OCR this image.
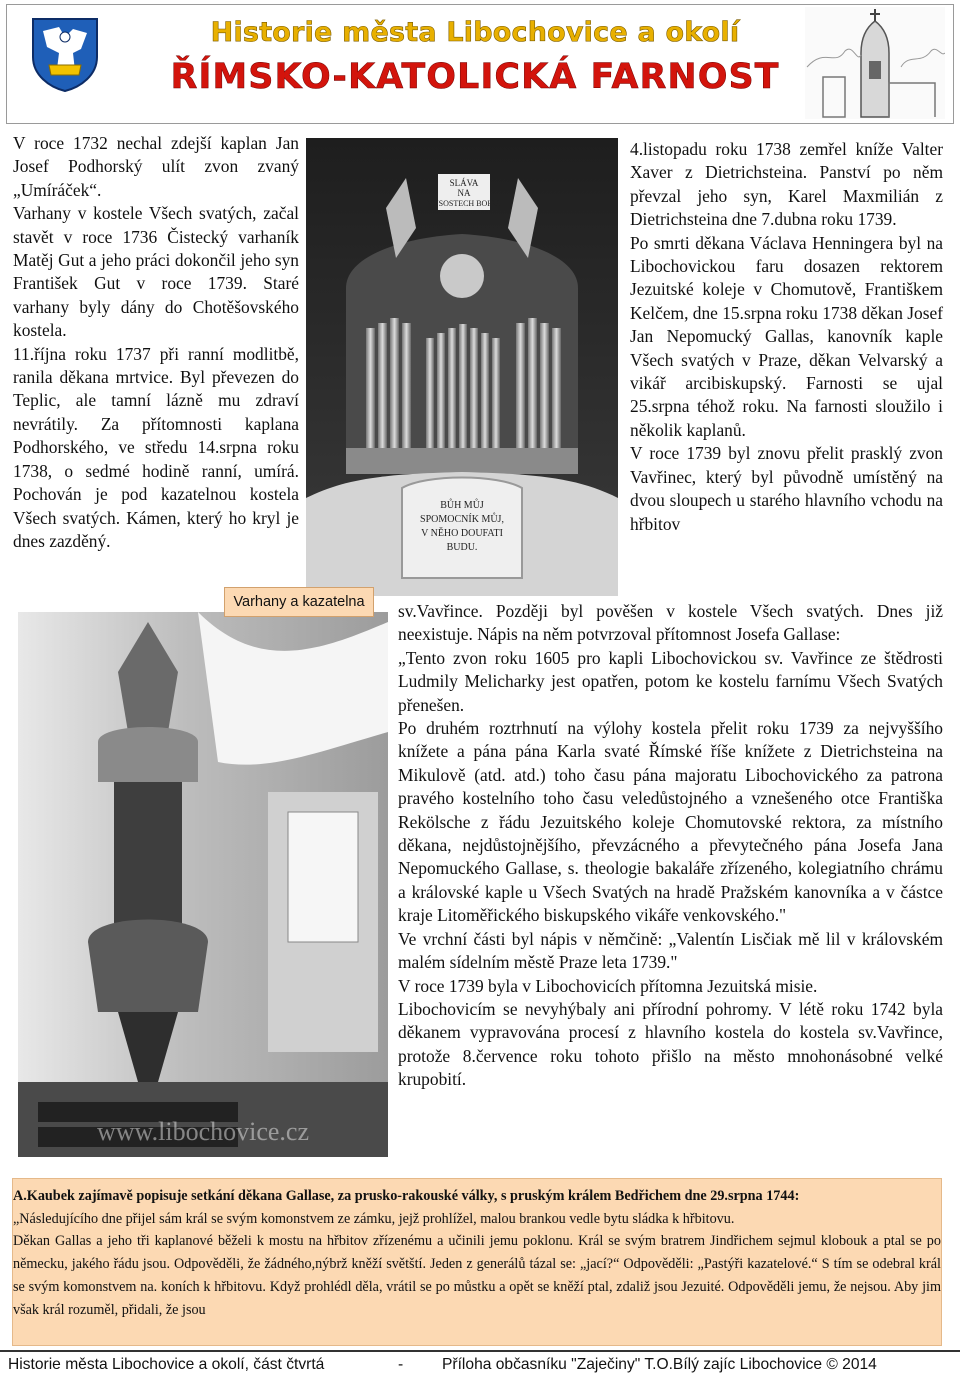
Historie města Libochovice a okolí
ŘÍMSKO-KATOLICKÁ FARNOST

V roce 1732 nechal zdejší kaplan Jan Josef Podhorský ulít zvon zvaný „Umíráček“.

Varhany v kostele Všech svatých, začal stavět v roce 1736 Čistecký varhaník Matěj Gut a jeho práci dokončil jeho syn František Gut v roce 1739. Staré varhany byly dány do Chotěšovského kostela.

11.října roku 1737 při ranní modlitbě, ranila děkana mrtvice. Byl převezen do Teplic, ale tamní lázně mu zdraví nevrátily. Za přítomnosti kaplana Podhorského, ve středu 14.srpna roku 1738, o sedmé hodině ranní, umírá. Pochován je pod kazatelnou kostela Všech svatých. Kámen, který ho kryl je dnes zazděný.

SLÁVA
NA
VYSOSTECH BOHU.
BŮH MŮJ
SPOMOCNÍK MŮJ,
V NĚHO DOUFATI
BUDU.

4.listopadu roku 1738 zemřel kníže Valter Xaver z Dietrichsteina. Panství po něm převzal jeho syn, Karel Maxmilián z Dietrichsteina dne 7.dubna roku 1739.

Po smrti děkana Václava Henningera byl na Libochovickou faru dosazen rektorem Jezuitské koleje v Chomutově, Františkem Kelčem, dne 15.srpna roku 1738 děkan Josef Jan Nepomucký Gallas, kanovník kaple Všech svatých v Praze, děkan Velvarský a vikář arcibiskupský. Farnosti se ujal 25.srpna téhož roku. Na farnosti sloužilo i několik kaplanů.

V roce 1739 byl znovu přelit prasklý zvon Vavřinec, který byl původně umístěný na dvou sloupech u starého hlavního vchodu na hřbitov

www.libochovice.cz
Varhany a kazatelna	sv.Vavřince. Později byl pověšen v kostele Všech svatých. Dnes již neexistuje. Nápis na něm potvrzoval přítomnost Josefa Gallase:

„Tento zvon roku 1605 pro kapli Libochovickou sv. Vavřince ze štědrosti Ludmily Melicharky jest opatřen, potom ke kostelu farnímu Všech Svatých přenešen.

Po druhém roztrhnutí na výlohy kostela přelit roku 1739 za nejvyššího knížete a pána pána Karla svaté Římské říše knížete z Dietrichsteina na Mikulově (atd. atd.) toho času pána majoratu Libochovického za patrona pravého kostelního toho času veledůstojného a vznešeného otce Františka Rekölsche z řádu Jezuitského koleje Chomutovské rektora, za místního děkana, nejdůstojnějšího, převzácného a převytečného pána Josefa Jana Nepomuckého Gallase, s. theologie bakaláře zřízeného, kolegiatního chrámu a královské kaple u Všech Svatých na hradě Pražském kanovníka a v částce kraje Litoměřického biskupského vikáře venkovského."

Ve vrchní části byl nápis v němčině: „Valentín Lisčiak mě lil v královském malém sídelním městě Praze leta 1739."

V roce 1739 byla v Libochovicích přítomna Jezuitská misie.

Libochovicím se nevyhýbaly ani přírodní pohromy. V létě roku 1742 byla děkanem vypravována procesí z hlavního kostela do kostela sv.Vavřince, protože 8.července roku tohoto přišlo na město mnohonásobné velké krupobití.

A.Kaubek zajímavě popisuje setkání děkana Gallase, za prusko-rakouské války, s pruským králem Bedřichem dne 29.srpna 1744:

„Následujícího dne přijel sám král se svým komonstvem ze zámku, jejž prohlížel, malou brankou vedle bytu sládka k hřbitovu.

Děkan Gallas a jeho tři kaplanové běželi k mostu na hřbitov zřízenému a učinili jemu poklonu. Král se svým bratrem Jindřichem sejmul klobouk a ptal se po německu, jakého řádu jsou. Odpověděli, že žádného,nýbrž kněží světští. Jeden z generálů tázal se: „jací?“ Odpověděli: „Pastýři kazatelové.“ S tím se odebral král se svým komonstvem na. koních k hřbitovu. Když prohlédl děla, vrátil se po můstku a opět se kněží ptal, zdaliž jsou Jezuité. Odpověděli jemu, že nejsou. Aby jim však král rozuměl, přidali, že jsou

Historie města Libochovice a okolí, část čtvrtá	- Příloha občasníku "Zaječiny" T.O.Bílý zajíc Libochovice © 2014
